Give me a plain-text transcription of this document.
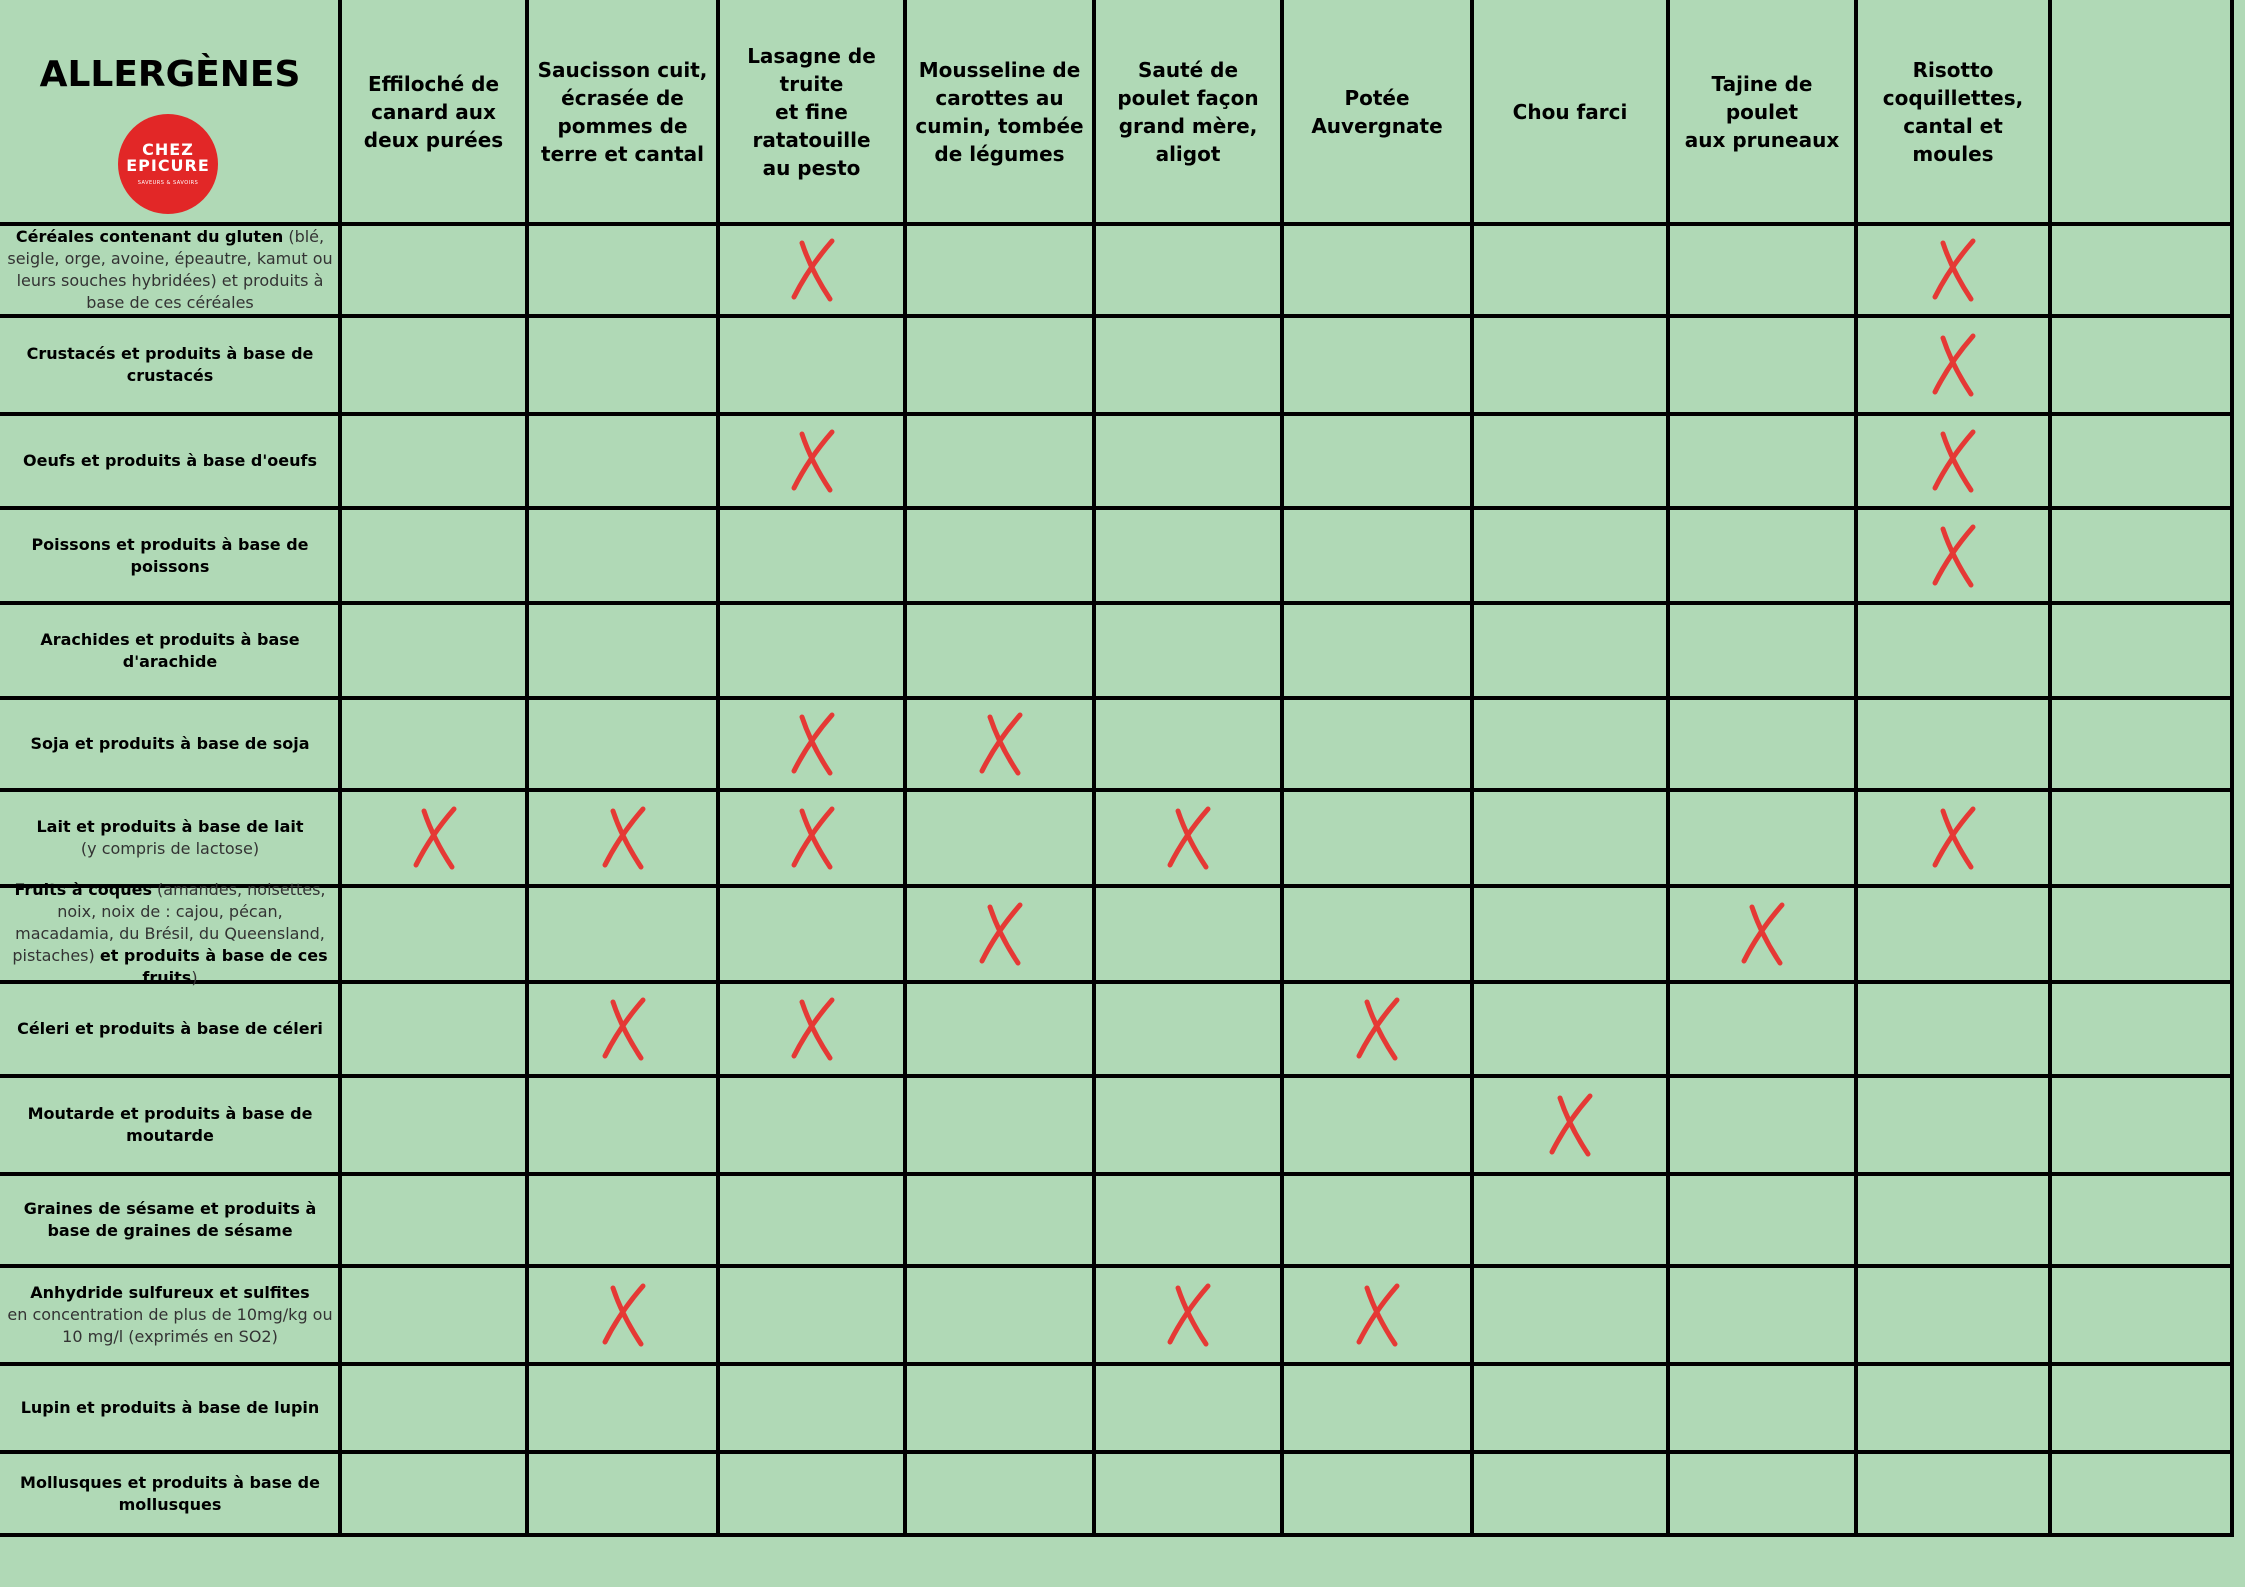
ALLERGÈNES
CHEZ
EPICURE
SAVEURS & SAVOIRS
Effiloché de
canard aux
deux purées
Saucisson cuit,
écrasée de
pommes de
terre et cantal
Lasagne de truite
et fine ratatouille
au pesto
Mousseline de
carottes au
cumin, tombée
de légumes
Sauté de
poulet façon
grand mère,
aligot
Potée
Auvergnate
Chou farci
Tajine de
poulet
aux pruneaux
Risotto
coquillettes,
cantal et
moules
Céréales contenant du gluten (blé, seigle, orge, avoine, épeautre, kamut ou leurs souches hybridées) et produits à base de ces céréales
Crustacés et produits à base de crustacés
Oeufs et produits à base d'oeufs
Poissons et produits à base de poissons
Arachides et produits à base d'arachide
Soja et produits à base de soja
Lait et produits à base de lait
(y compris de lactose)
Fruits à coques (amandes, noisettes, noix, noix de : cajou, pécan, macadamia, du Brésil, du Queensland, pistaches) et produits à base de ces fruits)
Céleri et produits à base de céleri
Moutarde et produits à base de moutarde
Graines de sésame et produits à base de graines de sésame
Anhydride sulfureux et sulfites
en concentration de plus de 10mg/kg ou 10 mg/l (exprimés en SO2)
Lupin et produits à base de lupin
Mollusques et produits à base de mollusques
